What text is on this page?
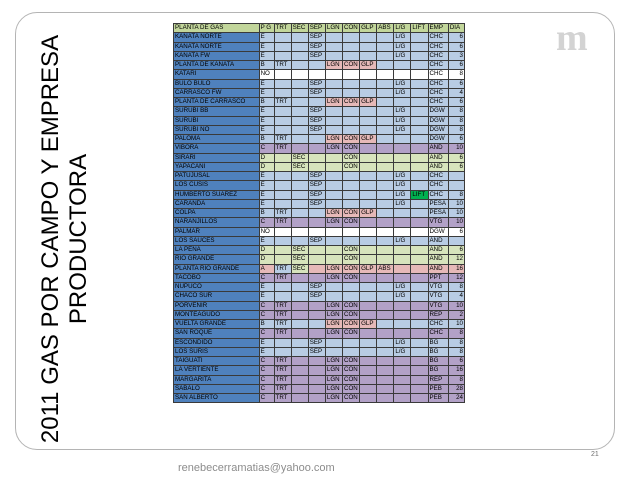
m
2011 GAS POR CAMPO Y EMPRESA PRODUCTORA
PLANTA DE GAS	P G	TRT	SEC	SEP	LGN	CON	GLP	ABS	L/G	LIFT	EMP	DIA
KANATA NORTE	E			SEP					L/G		CHC	6
KANATA NORTE	E			SEP					L/G		CHC	6
KANATA FW	E			SEP					L/G		CHC	3
PLANTA DE KANATA	B	TRT			LGN	CON	GLP				CHC	6
KATARI	NO										CHC	8
BULO BULO	E			SEP					L/G		CHC	6
CARRASCO FW	E			SEP					L/G		CHC	4
PLANTA DE CARRASCO	B	TRT			LGN	CON	GLP				CHC	6
SURUBI BB	E			SEP					L/G		DGW	8
SURUBI	E			SEP					L/G		DGW	8
SURUBI NO	E			SEP					L/G		DGW	8
PALOMA	B	TRT			LGN	CON	GLP				DGW	6
VIBORA	C	TRT			LGN	CON					AND	10
SIRARI	D		SEC			CON					AND	6
YAPACANI	D		SEC			CON					AND	6
PATUJUSAL	E			SEP					L/G		CHC	
LOS CUSIS	E			SEP					L/G		CHC	
HUMBERTO SUAREZ	E			SEP					L/G	LIFT	CHC	8
CARANDA	E			SEP					L/G		PESA	10
COLPA	B	TRT			LGN	CON	GLP				PESA	10
NARANJILLOS	C	TRT			LGN	CON					VTG	10
PALMAR	NO										DGW	6
LOS SAUCES	E			SEP					L/G		AND	
LA PEÑA	D		SEC			CON					AND	6
RIO GRANDE	D		SEC			CON					AND	12
PLANTA RIO GRANDE	A	TRT	SEC		LGN	CON	GLP	ABS			AND	16
TACOBO	C	TRT			LGN	CON					PPT	12
ÑUPUCO	E			SEP					L/G		VTG	8
CHACO SUR	E			SEP					L/G		VTG	4
PORVENIR	C	TRT			LGN	CON					VTG	10
MONTEAGUDO	C	TRT			LGN	CON					REP	2
VUELTA GRANDE	B	TRT			LGN	CON	GLP				CHC	10
SAN ROQUE	C	TRT			LGN	CON					CHC	8
ESCONDIDO	E			SEP					L/G		BG	8
LOS SURIS	E			SEP					L/G		BG	8
TAIGUATI	C	TRT			LGN	CON					BG	6
LA VERTIENTE	C	TRT			LGN	CON					BG	16
MARGARITA	C	TRT			LGN	CON					REP	8
SABALO	C	TRT			LGN	CON					PEB	28
SAN ALBERTO	C	TRT			LGN	CON					PEB	24
renebecerramatias@yahoo.com
21
